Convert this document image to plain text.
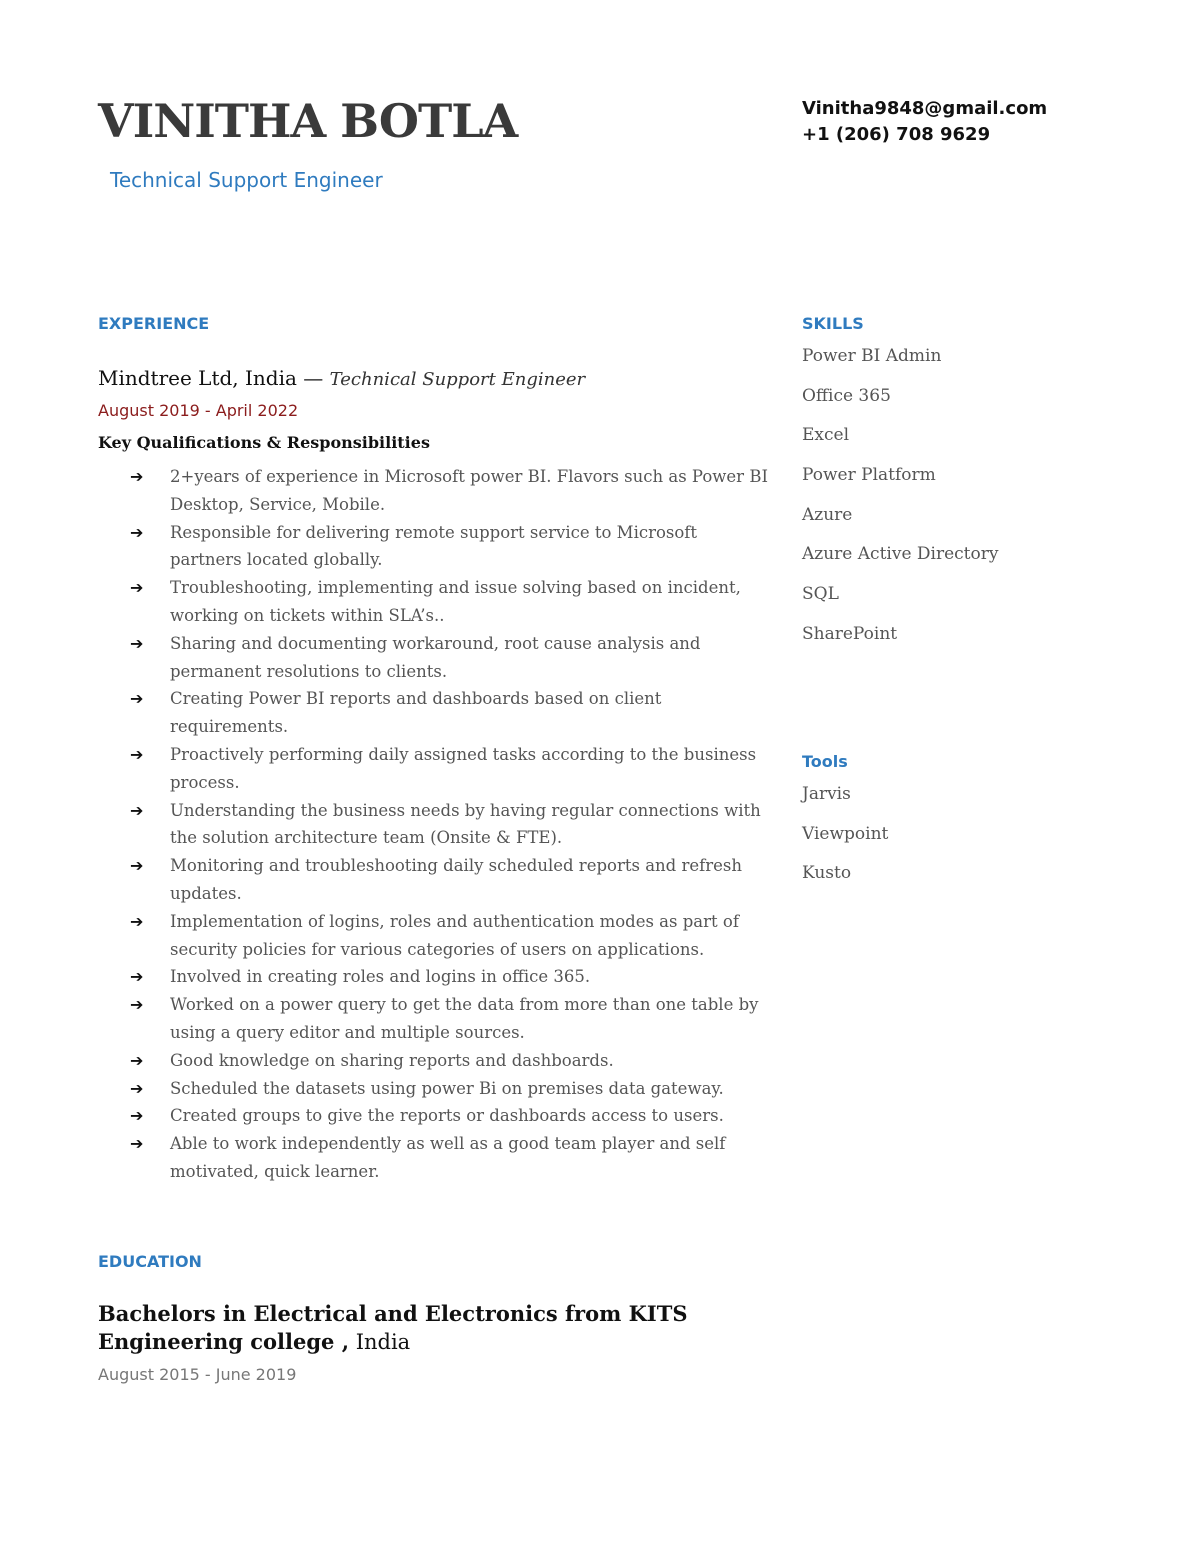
VINITHA BOTLA
Technical Support Engineer
Vinitha9848@gmail.com
+1 (206) 708 9629
EXPERIENCE
Mindtree Ltd, India — Technical Support Engineer
August 2019 - April 2022
Key Qualifications & Responsibilities
➔ 2+years of experience in Microsoft power BI. Flavors such as Power BI Desktop, Service, Mobile.
➔ Responsible for delivering remote support service to Microsoft partners located globally.
➔ Troubleshooting, implementing and issue solving based on incident, working on tickets within SLA’s..
➔ Sharing and documenting workaround, root cause analysis and permanent resolutions to clients.
➔ Creating Power BI reports and dashboards based on client requirements.
➔ Proactively performing daily assigned tasks according to the business process.
➔ Understanding the business needs by having regular connections with the solution architecture team (Onsite & FTE).
➔ Monitoring and troubleshooting daily scheduled reports and refresh updates.
➔ Implementation of logins, roles and authentication modes as part of security policies for various categories of users on applications.
➔ Involved in creating roles and logins in office 365.
➔ Worked on a power query to get the data from more than one table by using a query editor and multiple sources.
➔ Good knowledge on sharing reports and dashboards.
➔ Scheduled the datasets using power Bi on premises data gateway.
➔ Created groups to give the reports or dashboards access to users.
➔ Able to work independently as well as a good team player and self motivated, quick learner.
SKILLS
Power BI Admin
Office 365
Excel
Power Platform
Azure
Azure Active Directory
SQL
SharePoint
Tools
Jarvis
Viewpoint
Kusto
EDUCATION
Bachelors in Electrical and Electronics from KITS Engineering college , India
August 2015 - June 2019
